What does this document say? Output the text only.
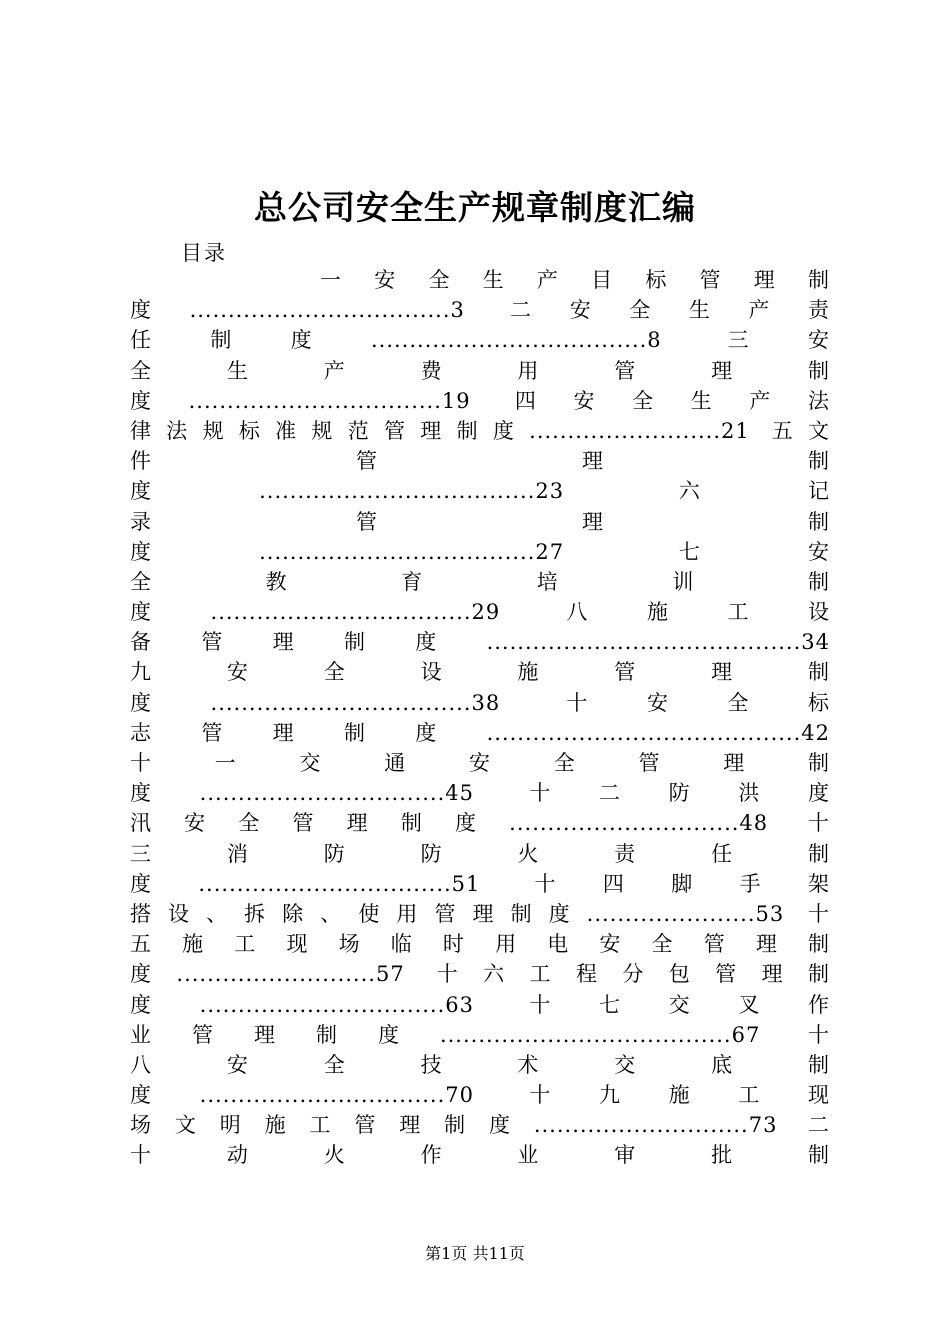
总公司安全生产规章制度汇编
目录
一 安 全 生 产 目 标 管 理 制
度..................................3 二安全生产责
任制度....................................8 三安
全 生 产 费 用 管 理 制
度.................................19 四安全生产法
律法规标准规范管理制度.........................21 五文
件 管 理 制
度....................................23 六记
录 管 理 制
度....................................27 七安
全 教 育 培 训 制
度..................................29 八施工设
备管理制度.........................................34
九 安 全 设 施 管 理 制
度..................................38 十安全标
志管理制度.........................................42
十 一 交 通 安 全 管 理 制
度................................45 十二防洪度
汛安全管理制度..............................48 十
三 消 防 防 火 责 任 制
度.................................51 十四脚手架
搭设、拆除、使用管理制度......................53 十
五 施 工 现 场 临 时 用 电 安 全 管 理 制
度..........................57 十六工程分包管理制
度................................63 十七交叉作
业管理制度......................................67 十
八 安 全 技 术 交 底 制
度................................70 十九施工现
场文明施工管理制度............................73 二
十 动 火 作 业 审 批 制
第1页 共11页
